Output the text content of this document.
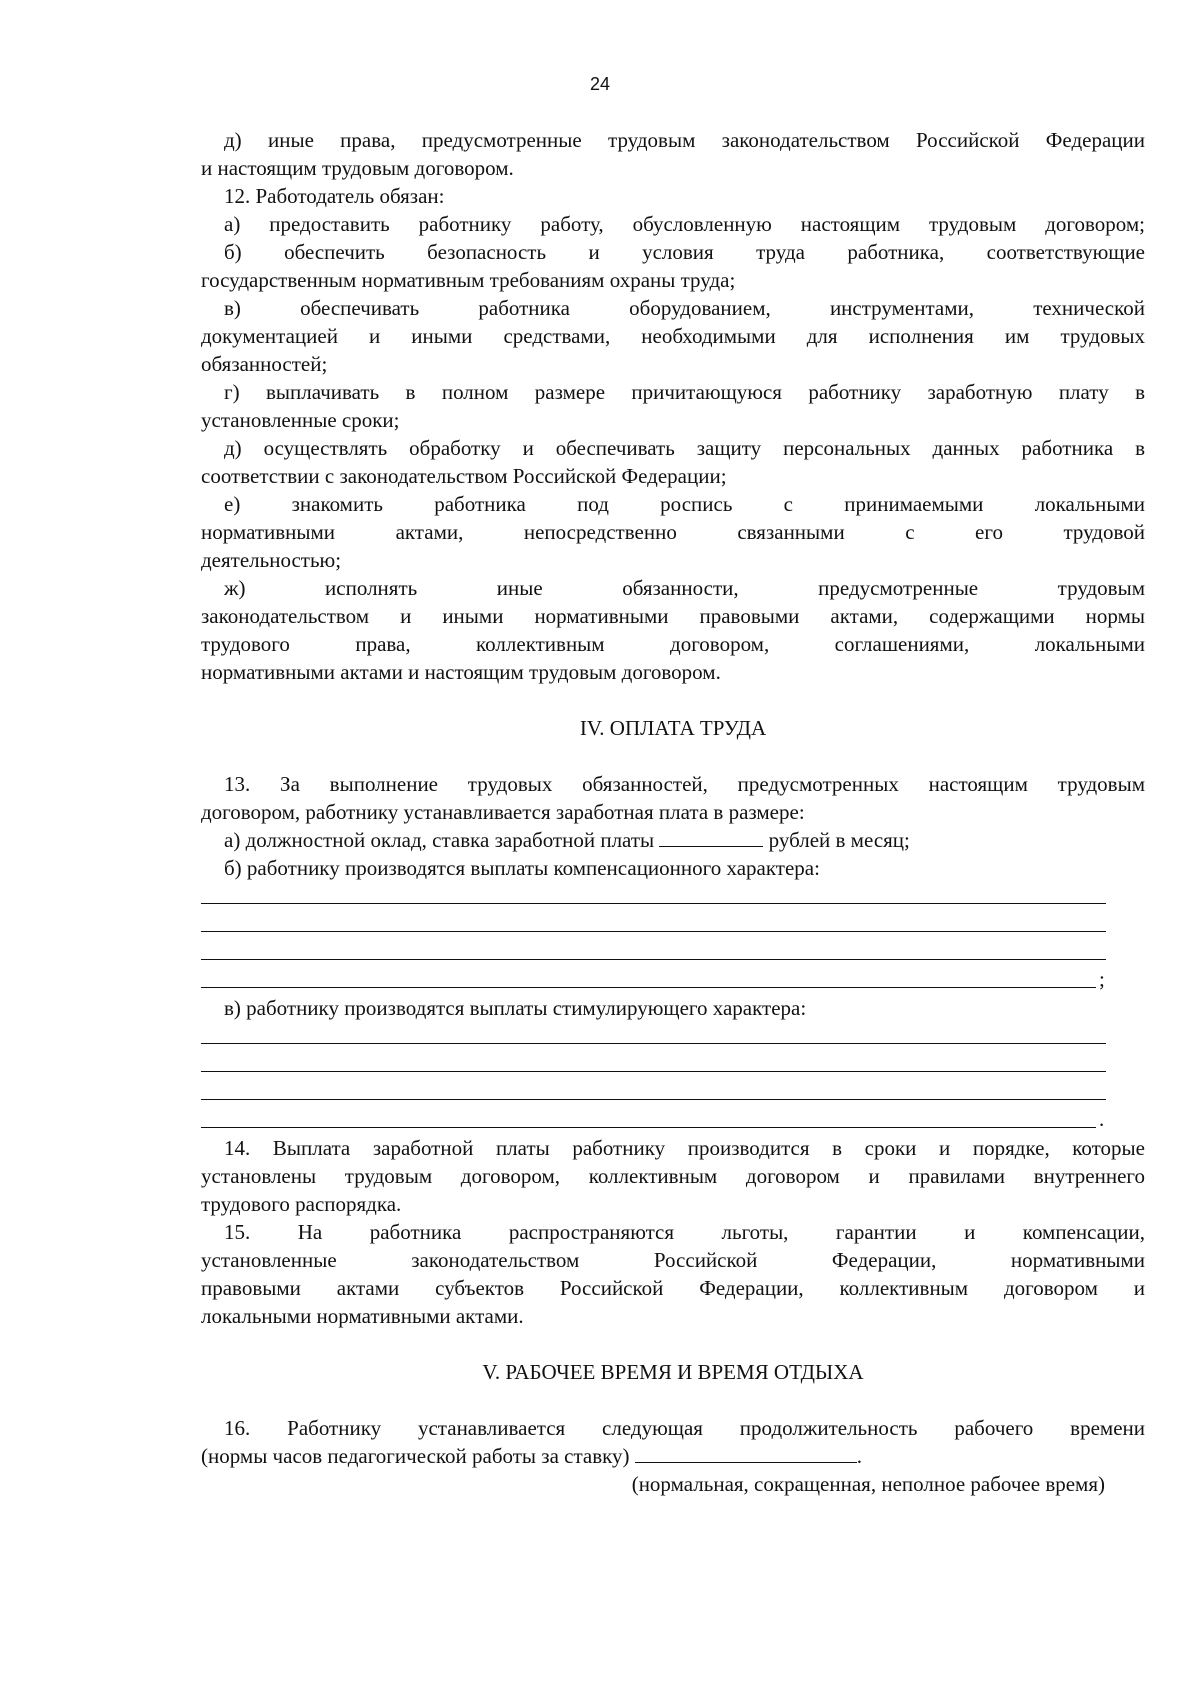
24

д) иные права, предусмотренные трудовым законодательством Российской Федерации

и настоящим трудовым договором.

12. Работодатель обязан:

а) предоставить работнику работу, обусловленную настоящим трудовым договором;

б) обеспечить безопасность и условия труда работника, соответствующие

государственным нормативным требованиям охраны труда;

в) обеспечивать работника оборудованием, инструментами, технической

документацией и иными средствами, необходимыми для исполнения им трудовых

обязанностей;

г) выплачивать в полном размере причитающуюся работнику заработную плату в

установленные сроки;

д) осуществлять обработку и обеспечивать защиту персональных данных работника в

соответствии с законодательством Российской Федерации;

е) знакомить работника под роспись с принимаемыми локальными

нормативными актами, непосредственно связанными с его трудовой

деятельностью;

ж) исполнять иные обязанности, предусмотренные трудовым

законодательством и иными нормативными правовыми актами, содержащими нормы

трудового права, коллективным договором, соглашениями, локальными

нормативными актами и настоящим трудовым договором.

IV. ОПЛАТА ТРУДА

13. За выполнение трудовых обязанностей, предусмотренных настоящим трудовым

договором, работнику устанавливается заработная плата в размере:

а) должностной оклад, ставка заработной платы	рублей в месяц;

б) работнику производятся выплаты компенсационного характера:

;

в) работнику производятся выплаты стимулирующего характера:

.

14. Выплата заработной платы работнику производится в сроки и порядке, которые

установлены трудовым договором, коллективным договором и правилами внутреннего

трудового распорядка.

15. На работника распространяются льготы, гарантии и компенсации,

установленные законодательством Российской Федерации, нормативными

правовыми актами субъектов Российской Федерации, коллективным договором и

локальными нормативными актами.

V. РАБОЧЕЕ ВРЕМЯ И ВРЕМЯ ОТДЫХА

16. Работнику устанавливается следующая продолжительность рабочего времени

(нормы часов педагогической работы за ставку)	.

(нормальная, сокращенная, неполное рабочее время)
